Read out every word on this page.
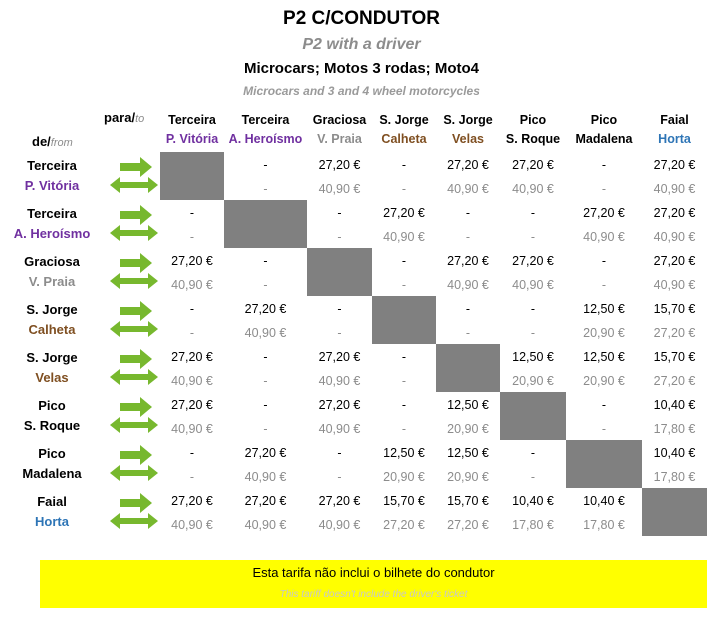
P2 C/CONDUTOR
P2 with a driver
Microcars; Motos 3 rodas; Moto4
Microcars and 3 and 4 wheel motorcycles
para/to
de/from
Terceira
P. Vitória
Terceira
A. Heroísmo
Graciosa
V. Praia
S. Jorge
Calheta
S. Jorge
Velas
Pico
S. Roque
Pico
Madalena
Faial
Horta
Terceira
P. Vitória
-
-
27,20 €
40,90 €
-
-
27,20 €
40,90 €
27,20 €
40,90 €
-
-
27,20 €
40,90 €
Terceira
A. Heroísmo
-
-
-
-
27,20 €
40,90 €
-
-
-
-
27,20 €
40,90 €
27,20 €
40,90 €
Graciosa
V. Praia
27,20 €
40,90 €
-
-
-
-
27,20 €
40,90 €
27,20 €
40,90 €
-
-
27,20 €
40,90 €
S. Jorge
Calheta
-
-
27,20 €
40,90 €
-
-
-
-
-
-
12,50 €
20,90 €
15,70 €
27,20 €
S. Jorge
Velas
27,20 €
40,90 €
-
-
27,20 €
40,90 €
-
-
12,50 €
20,90 €
12,50 €
20,90 €
15,70 €
27,20 €
Pico
S. Roque
27,20 €
40,90 €
-
-
27,20 €
40,90 €
-
-
12,50 €
20,90 €
-
-
10,40 €
17,80 €
Pico
Madalena
-
-
27,20 €
40,90 €
-
-
12,50 €
20,90 €
12,50 €
20,90 €
-
-
10,40 €
17,80 €
Faial
Horta
27,20 €
40,90 €
27,20 €
40,90 €
27,20 €
40,90 €
15,70 €
27,20 €
15,70 €
27,20 €
10,40 €
17,80 €
10,40 €
17,80 €
Esta tarifa não inclui o bilhete do condutor
This tariff doesn't include the driver's ticket
